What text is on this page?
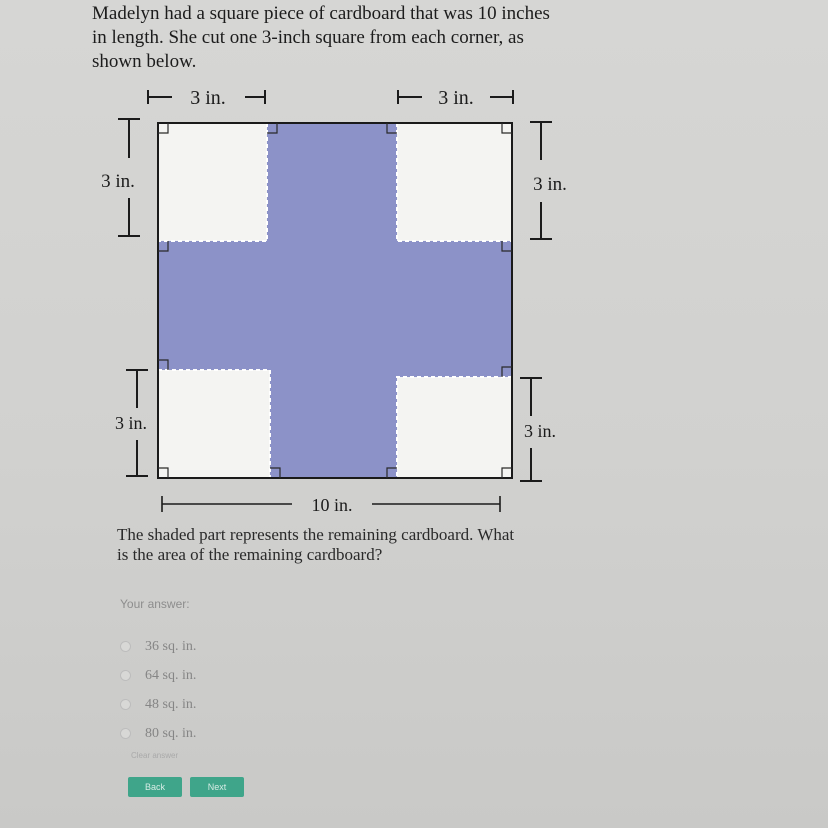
Madelyn had a square piece of cardboard that was 10 inches
in length. She cut one 3-inch square from each corner, as
shown below.

3 in.	3 in.
3 in.	3 in.
3 in.	3 in.
10 in.

The shaded part represents the remaining cardboard. What
is the area of the remaining cardboard?

Your answer:
36 sq. in.
64 sq. in.
48 sq. in.
80 sq. in.
Clear answer
Back	Next
